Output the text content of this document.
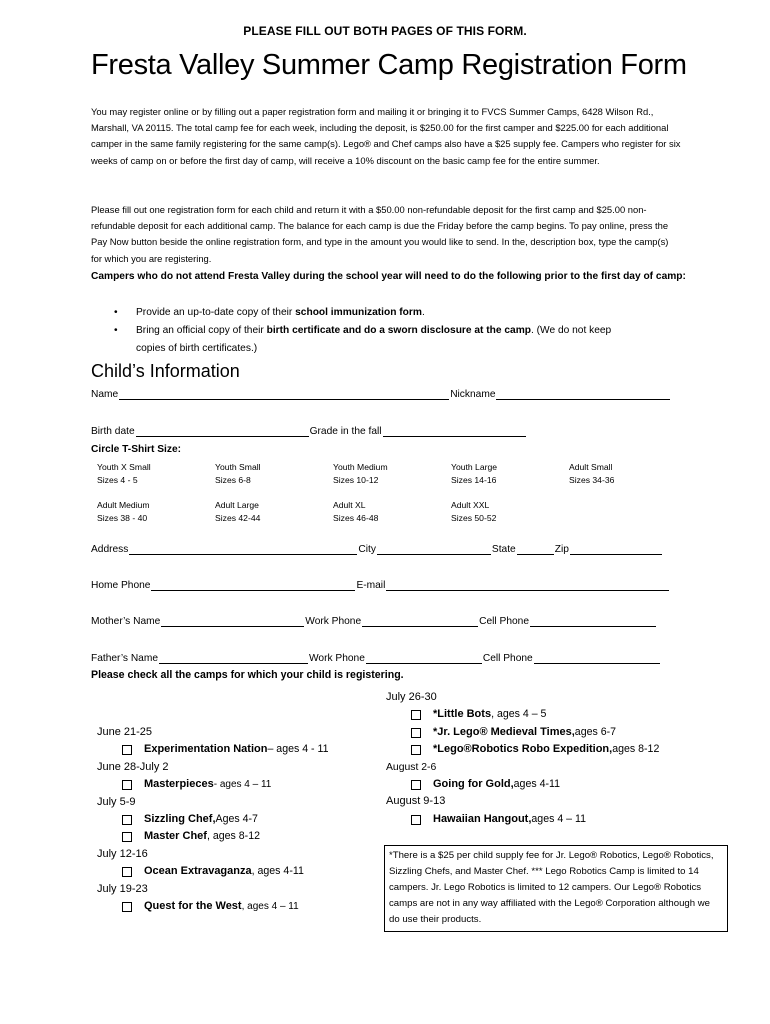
PLEASE FILL OUT BOTH PAGES OF THIS FORM.
Fresta Valley Summer Camp Registration Form
You may register online or by filling out a paper registration form and mailing it or bringing it to FVCS Summer Camps, 6428 Wilson Rd., Marshall, VA 20115. The total camp fee for each week, including the deposit, is $250.00 for the first camper and $225.00 for each additional camper in the same family registering for the same camp(s). Lego® and Chef camps also have a $25 supply fee. Campers who register for six weeks of camp on or before the first day of camp, will receive a 10% discount on the basic camp fee for the entire summer.
Please fill out one registration form for each child and return it with a $50.00 non-refundable deposit for the first camp and $25.00 non-refundable deposit for each additional camp. The balance for each camp is due the Friday before the camp begins. To pay online, press the Pay Now button beside the online registration form, and type in the amount you would like to send. In the, description box, type the camp(s) for which you are registering.
Campers who do not attend Fresta Valley during the school year will need to do the following prior to the first day of camp:
• Provide an up-to-date copy of their school immunization form.
• Bring an official copy of their birth certificate and do a sworn disclosure at the camp. (We do not keep
copies of birth certificates.)
Child’s Information
Name	Nickname
Birth date	Grade in the fall
Circle T-Shirt Size:
Youth X Small
Sizes 4 - 5
Youth Small
Sizes 6-8
Youth Medium
Sizes 10-12
Youth Large
Sizes 14-16
Adult Small
Sizes 34-36
Adult Medium
Sizes 38 - 40
Adult Large
Sizes 42-44
Adult XL
Sizes 46-48
Adult XXL
Sizes 50-52
Address	City	State	Zip
Home Phone	E-mail
Mother’s Name	Work Phone	Cell Phone
Father’s Name	Work Phone	Cell Phone
Please check all the camps for which your child is registering.
June 21-25
Experimentation Nation – ages 4 - 11
June 28-July 2
Masterpieces - ages 4 – 11
July 5-9
Sizzling Chef, Ages 4-7
Master Chef , ages 8-12
July 12-16
Ocean Extravaganza , ages 4-11
July 19-23
Quest for the West , ages 4 – 11
July 26-30
*Little Bots , ages 4 – 5
*Jr. Lego® Medieval Times, ages 6-7
*Lego®Robotics Robo Expedition, ages 8-12
August 2-6
Going for Gold, ages 4-11
August 9-13
Hawaiian Hangout, ages 4 – 11
*There is a $25 per child supply fee for Jr. Lego® Robotics, Lego® Robotics, Sizzling Chefs, and Master Chef. *** Lego Robotics Camp is limited to 14 campers. Jr. Lego Robotics is limited to 12 campers. Our Lego® Robotics camps are not in any way affiliated with the Lego® Corporation although we do use their products.
